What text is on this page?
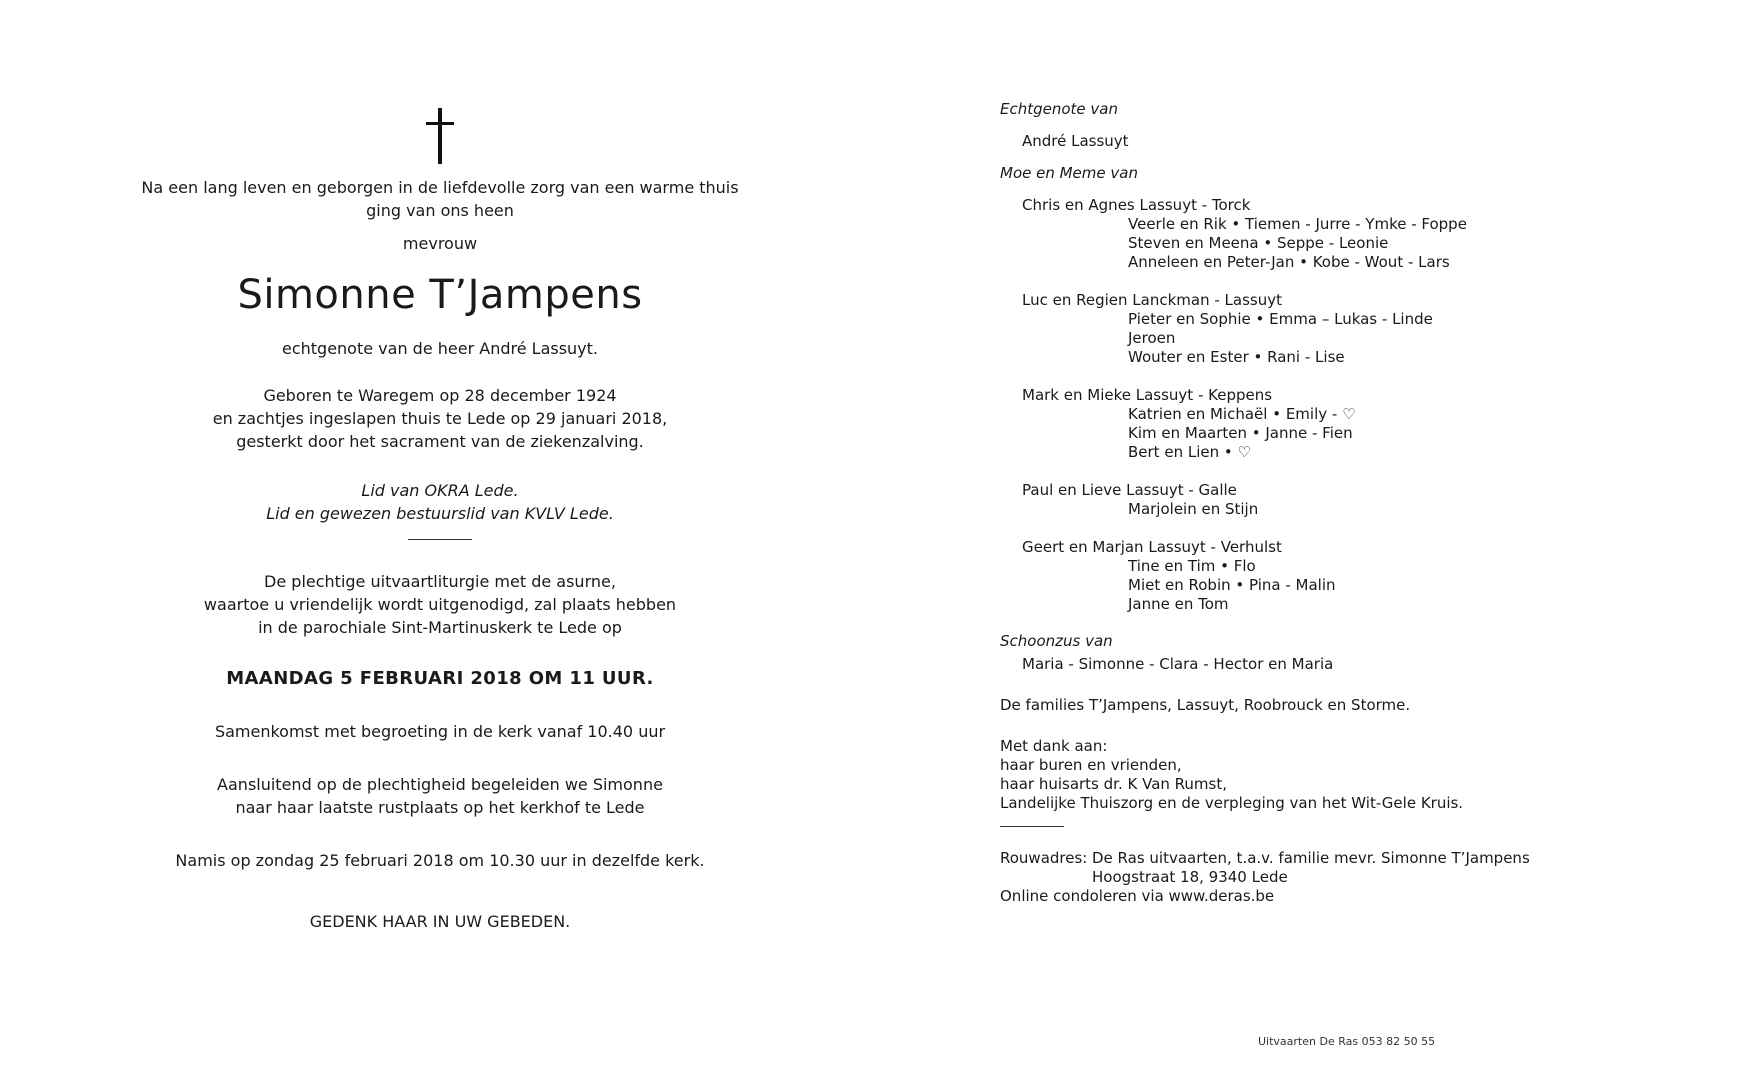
Na een lang leven en geborgen in de liefdevolle zorg van een warme thuis
ging van ons heen
mevrouw
Simonne T’Jampens
echtgenote van de heer André Lassuyt.
Geboren te Waregem op 28 december 1924
en zachtjes ingeslapen thuis te Lede op 29 januari 2018,
gesterkt door het sacrament van de ziekenzalving.
Lid van OKRA Lede.
Lid en gewezen bestuurslid van KVLV Lede.
De plechtige uitvaartliturgie met de asurne,
waartoe u vriendelijk wordt uitgenodigd, zal plaats hebben
in de parochiale Sint-Martinuskerk te Lede op
MAANDAG 5 FEBRUARI 2018 OM 11 UUR.
Samenkomst met begroeting in de kerk vanaf 10.40 uur
Aansluitend op de plechtigheid begeleiden we Simonne
naar haar laatste rustplaats op het kerkhof te Lede
Namis op zondag 25 februari 2018 om 10.30 uur in dezelfde kerk.
GEDENK HAAR IN UW GEBEDEN.
Echtgenote van
André Lassuyt
Moe en Meme van
Chris en Agnes Lassuyt - Torck
Veerle en Rik • Tiemen - Jurre - Ymke - Foppe
Steven en Meena • Seppe - Leonie
Anneleen en Peter-Jan • Kobe - Wout - Lars
Luc en Regien Lanckman - Lassuyt
Pieter en Sophie • Emma – Lukas - Linde
Jeroen
Wouter en Ester • Rani - Lise
Mark en Mieke Lassuyt - Keppens
Katrien en Michaël • Emily - ♡
Kim en Maarten • Janne - Fien
Bert en Lien • ♡
Paul en Lieve Lassuyt - Galle
Marjolein en Stijn
Geert en Marjan Lassuyt - Verhulst
Tine en Tim • Flo
Miet en Robin • Pina - Malin
Janne en Tom
Schoonzus van
Maria - Simonne - Clara - Hector en Maria
De families T’Jampens, Lassuyt, Roobrouck en Storme.
Met dank aan:
haar buren en vrienden,
haar huisarts dr. K Van Rumst,
Landelijke Thuiszorg en de verpleging van het Wit-Gele Kruis.
Rouwadres: De Ras uitvaarten, t.a.v. familie mevr. Simonne T’Jampens
Hoogstraat 18, 9340 Lede
Online condoleren via www.deras.be
Uitvaarten De Ras 053 82 50 55
